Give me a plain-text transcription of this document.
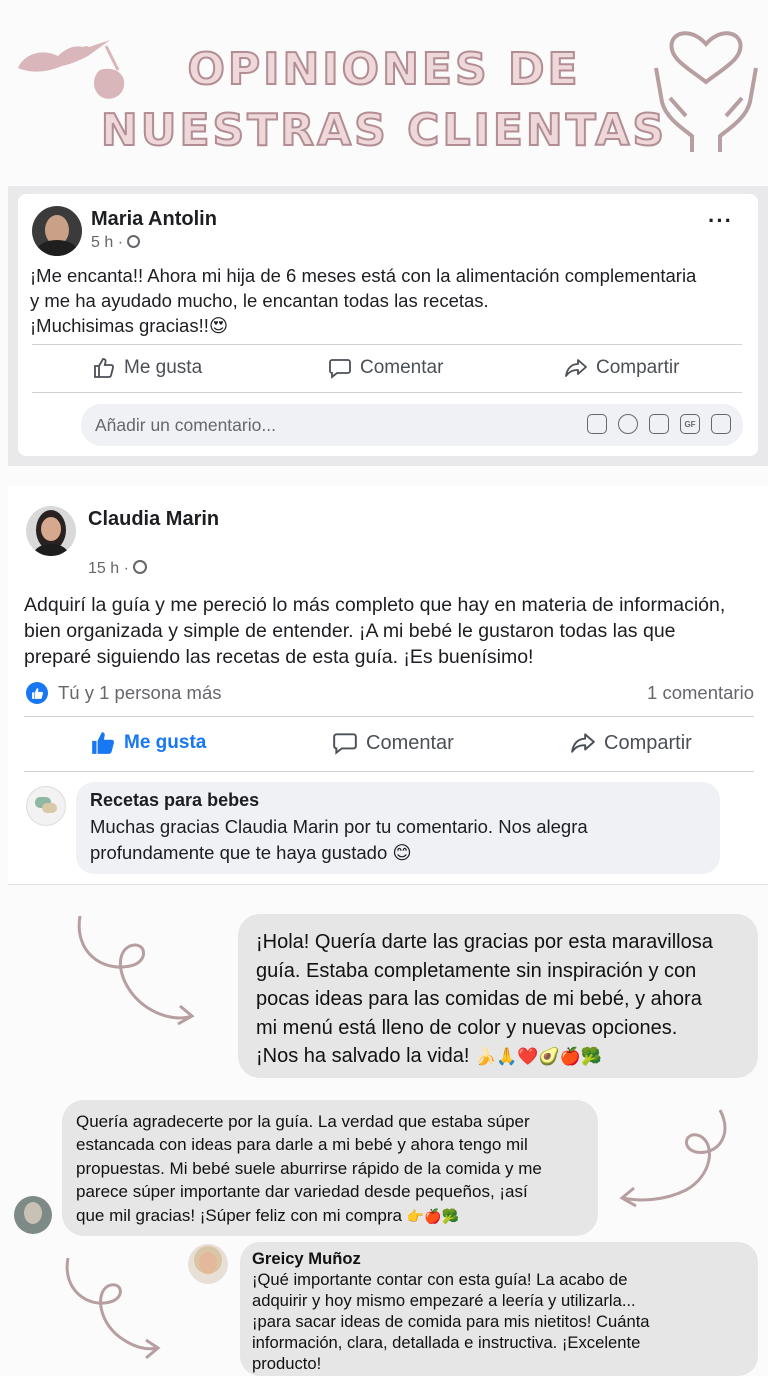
OPINIONES DE
NUESTRAS CLIENTAS
Maria Antolin
5 h ·
···
¡Me encanta!! Ahora mi hija de 6 meses está con la alimentación complementaria
y me ha ayudado mucho, le encantan todas las recetas.
¡Muchisimas gracias!!😍
Me gusta	Comentar	Compartir
Añadir un comentario...	GF
Claudia Marin
15 h ·
Adquirí la guía y me pereció lo más completo que hay en materia de información,
bien organizada y simple de entender. ¡A mi bebé le gustaron todas las que
preparé siguiendo las recetas de esta guía. ¡Es buenísimo!
Tú y 1 persona más	1 comentario
Me gusta	Comentar	Compartir
Recetas para bebes
Muchas gracias Claudia Marin por tu comentario. Nos alegra
profundamente que te haya gustado 😊
¡Hola! Quería darte las gracias por esta maravillosa
guía. Estaba completamente sin inspiración y con
pocas ideas para las comidas de mi bebé, y ahora
mi menú está lleno de color y nuevas opciones.
¡Nos ha salvado la vida! 🍌🙏❤️🥑🍎🥦
Quería agradecerte por la guía. La verdad que estaba súper
estancada con ideas para darle a mi bebé y ahora tengo mil
propuestas. Mi bebé suele aburrirse rápido de la comida y me
parece súper importante dar variedad desde pequeños, ¡así
que mil gracias! ¡Súper feliz con mi compra 👉🍎🥦
Greicy Muñoz
¡Qué importante contar con esta guía! La acabo de
adquirir y hoy mismo empezaré a leería y utilizarla...
¡para sacar ideas de comida para mis nietitos! Cuánta
información, clara, detallada e instructiva. ¡Excelente
producto!
